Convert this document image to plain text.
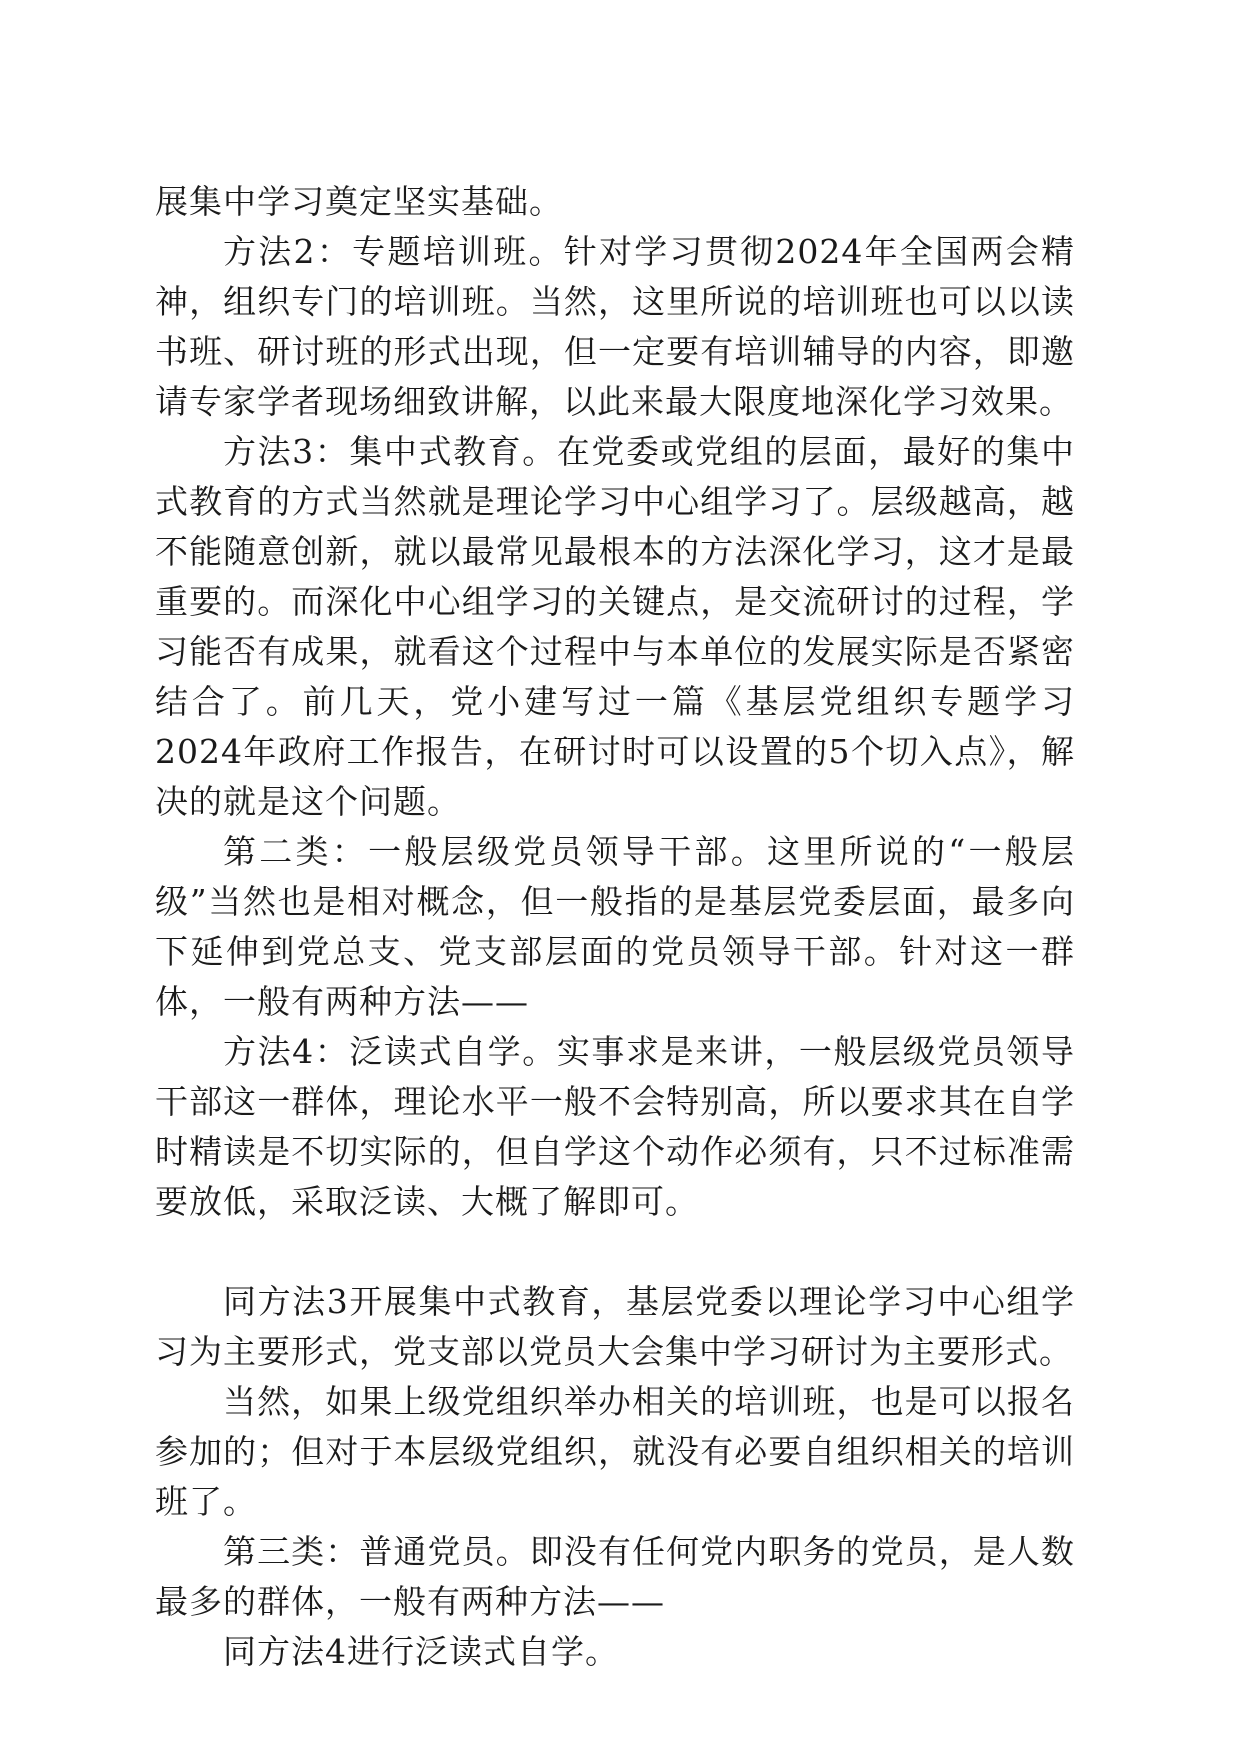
展集中学习奠定坚实基础。

方法2：专题培训班。针对学习贯彻2024年全国两会精神，组织专门的培训班。当然，这里所说的培训班也可以以读书班、研讨班的形式出现，但一定要有培训辅导的内容，即邀请专家学者现场细致讲解，以此来最大限度地深化学习效果。

方法3：集中式教育。在党委或党组的层面，最好的集中式教育的方式当然就是理论学习中心组学习了。层级越高，越不能随意创新，就以最常见最根本的方法深化学习，这才是最重要的。而深化中心组学习的关键点，是交流研讨的过程，学习能否有成果，就看这个过程中与本单位的发展实际是否紧密结合了。前几天，党小建写过一篇《基层党组织专题学习2024年政府工作报告，在研讨时可以设置的5个切入点》，解决的就是这个问题。

第二类：一般层级党员领导干部。这里所说的“一般层级”当然也是相对概念，但一般指的是基层党委层面，最多向下延伸到党总支、党支部层面的党员领导干部。针对这一群体，一般有两种方法——

方法4：泛读式自学。实事求是来讲，一般层级党员领导干部这一群体，理论水平一般不会特别高，所以要求其在自学时精读是不切实际的，但自学这个动作必须有，只不过标准需要放低，采取泛读、大概了解即可。

同方法3开展集中式教育，基层党委以理论学习中心组学习为主要形式，党支部以党员大会集中学习研讨为主要形式。

当然，如果上级党组织举办相关的培训班，也是可以报名参加的；但对于本层级党组织，就没有必要自组织相关的培训班了。

第三类：普通党员。即没有任何党内职务的党员，是人数最多的群体，一般有两种方法——

同方法4进行泛读式自学。
